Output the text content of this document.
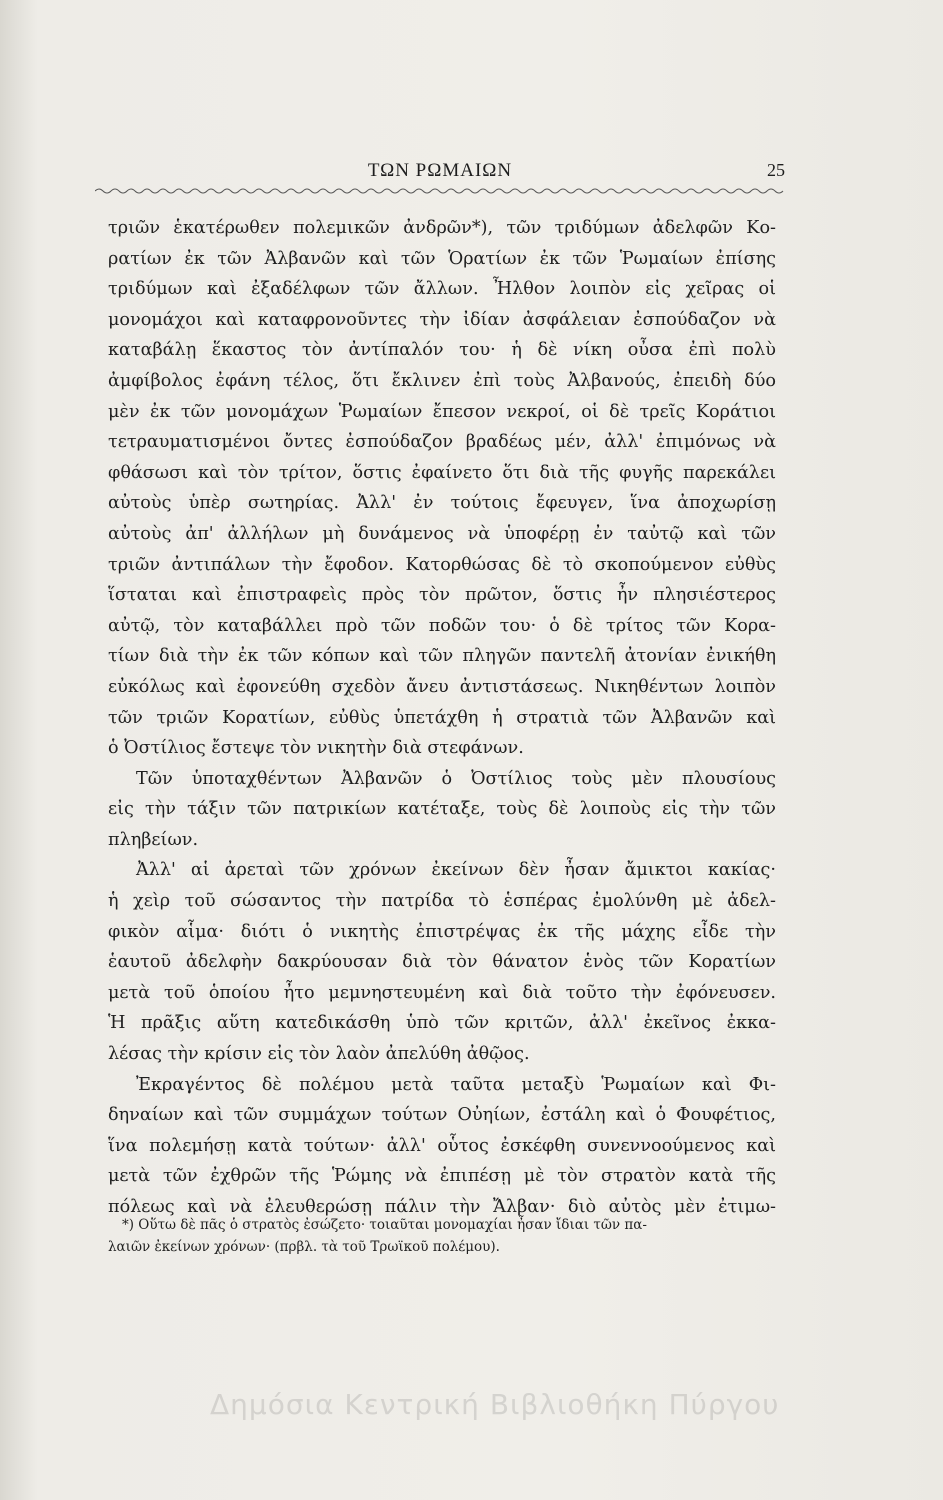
ΤΩΝ ΡΩΜΑΙΩΝ	25
τριῶν ἑκατέρωθεν πολεμικῶν ἀνδρῶν*), τῶν τριδύμων ἀδελφῶν Κο-
ρατίων ἐκ τῶν Ἀλβανῶν καὶ τῶν Ὁρατίων ἐκ τῶν Ῥωμαίων ἐπίσης
τριδύμων καὶ ἐξαδέλφων τῶν ἄλλων. Ἦλθον λοιπὸν εἰς χεῖρας οἱ
μονομάχοι καὶ καταφρονοῦντες τὴν ἰδίαν ἀσφάλειαν ἐσπούδαζον νὰ
καταβάλῃ ἕκαστος τὸν ἀντίπαλόν του· ἡ δὲ νίκη οὖσα ἐπὶ πολὺ
ἀμφίβολος ἐφάνη τέλος, ὅτι ἔκλινεν ἐπὶ τοὺς Ἀλβανούς, ἐπειδὴ δύο
μὲν ἐκ τῶν μονομάχων Ῥωμαίων ἔπεσον νεκροί, οἱ δὲ τρεῖς Κοράτιοι
τετραυματισμένοι ὄντες ἐσπούδαζον βραδέως μέν, ἀλλ' ἐπιμόνως νὰ
φθάσωσι καὶ τὸν τρίτον, ὅστις ἐφαίνετο ὅτι διὰ τῆς φυγῆς παρεκάλει
αὐτοὺς ὑπὲρ σωτηρίας. Ἀλλ' ἐν τούτοις ἔφευγεν, ἵνα ἀποχωρίσῃ
αὐτοὺς ἀπ' ἀλλήλων μὴ δυνάμενος νὰ ὑποφέρῃ ἐν ταὐτῷ καὶ τῶν
τριῶν ἀντιπάλων τὴν ἔφοδον. Κατορθώσας δὲ τὸ σκοπούμενον εὐθὺς
ἵσταται καὶ ἐπιστραφεὶς πρὸς τὸν πρῶτον, ὅστις ἦν πλησιέστερος
αὐτῷ, τὸν καταβάλλει πρὸ τῶν ποδῶν του· ὁ δὲ τρίτος τῶν Κορα-
τίων διὰ τὴν ἐκ τῶν κόπων καὶ τῶν πληγῶν παντελῆ ἀτονίαν ἐνικήθη
εὐκόλως καὶ ἐφονεύθη σχεδὸν ἄνευ ἀντιστάσεως. Νικηθέντων λοιπὸν
τῶν τριῶν Κορατίων, εὐθὺς ὑπετάχθη ἡ στρατιὰ τῶν Ἀλβανῶν καὶ
ὁ Ὀστίλιος ἔστεψε τὸν νικητὴν διὰ στεφάνων.
Τῶν ὑποταχθέντων Ἀλβανῶν ὁ Ὀστίλιος τοὺς μὲν πλουσίους
εἰς τὴν τάξιν τῶν πατρικίων κατέταξε, τοὺς δὲ λοιποὺς εἰς τὴν τῶν
πληβείων.
Ἀλλ' αἱ ἀρεταὶ τῶν χρόνων ἐκείνων δὲν ἦσαν ἄμικτοι κακίας·
ἡ χεὶρ τοῦ σώσαντος τὴν πατρίδα τὸ ἑσπέρας ἐμολύνθη μὲ ἀδελ-
φικὸν αἷμα· διότι ὁ νικητὴς ἐπιστρέψας ἐκ τῆς μάχης εἶδε τὴν
ἑαυτοῦ ἀδελφὴν δακρύουσαν διὰ τὸν θάνατον ἑνὸς τῶν Κορατίων
μετὰ τοῦ ὁποίου ἦτο μεμνηστευμένη καὶ διὰ τοῦτο τὴν ἐφόνευσεν.
Ἡ πρᾶξις αὕτη κατεδικάσθη ὑπὸ τῶν κριτῶν, ἀλλ' ἐκεῖνος ἐκκα-
λέσας τὴν κρίσιν εἰς τὸν λαὸν ἀπελύθη ἀθῷος.
Ἐκραγέντος δὲ πολέμου μετὰ ταῦτα μεταξὺ Ῥωμαίων καὶ Φι-
δηναίων καὶ τῶν συμμάχων τούτων Οὐηίων, ἐστάλη καὶ ὁ Φουφέτιος,
ἵνα πολεμήσῃ κατὰ τούτων· ἀλλ' οὗτος ἐσκέφθη συνεννοούμενος καὶ
μετὰ τῶν ἐχθρῶν τῆς Ῥώμης νὰ ἐπιπέσῃ μὲ τὸν στρατὸν κατὰ τῆς
πόλεως καὶ νὰ ἐλευθερώσῃ πάλιν τὴν Ἄλβαν· διὸ αὐτὸς μὲν ἐτιμω-
*) Οὕτω δὲ πᾶς ὁ στρατὸς ἐσώζετο· τοιαῦται μονομαχίαι ἦσαν ἴδιαι τῶν πα-
λαιῶν ἐκείνων χρόνων· (πρβλ. τὰ τοῦ Τρωϊκοῦ πολέμου).
Δημόσια Κεντρική Βιβλιοθήκη Πύργου
